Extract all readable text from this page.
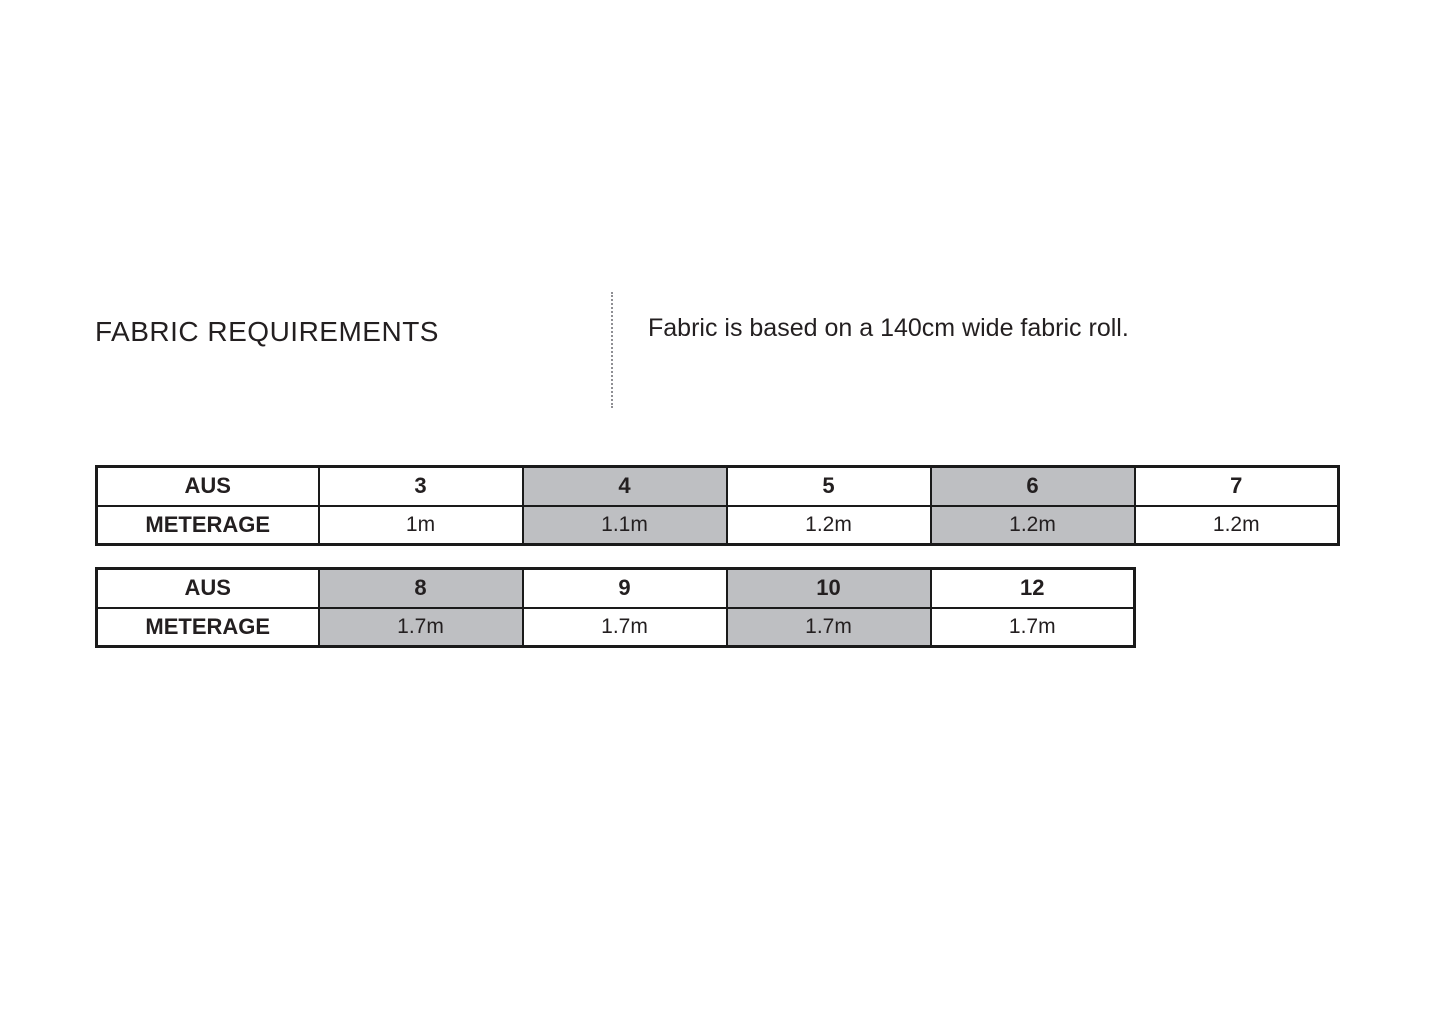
FABRIC REQUIREMENTS	Fabric is based on a 140cm wide fabric roll.
AUS	3	4	5	6	7
METERAGE	1m	1.1m	1.2m	1.2m	1.2m
AUS	8	9	10	12
METERAGE	1.7m	1.7m	1.7m	1.7m
